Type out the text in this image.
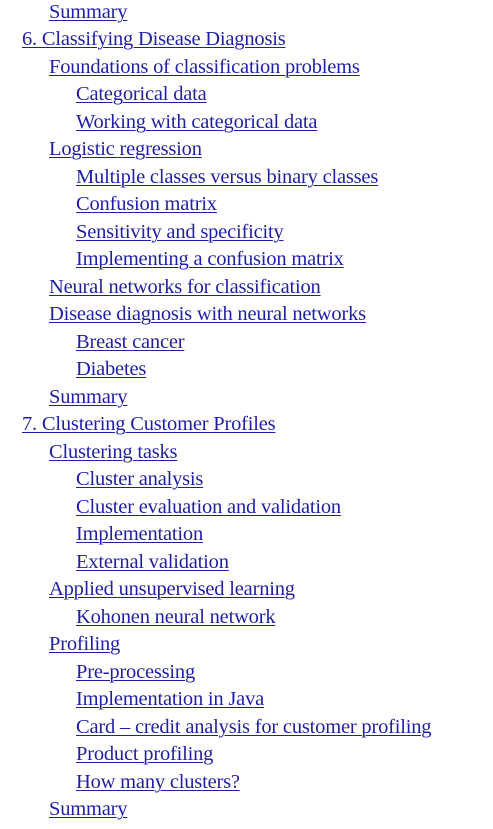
Summary
6. Classifying Disease Diagnosis
Foundations of classification problems
Categorical data
Working with categorical data
Logistic regression
Multiple classes versus binary classes
Confusion matrix
Sensitivity and specificity
Implementing a confusion matrix
Neural networks for classification
Disease diagnosis with neural networks
Breast cancer
Diabetes
Summary
7. Clustering Customer Profiles
Clustering tasks
Cluster analysis
Cluster evaluation and validation
Implementation
External validation
Applied unsupervised learning
Kohonen neural network
Profiling
Pre-processing
Implementation in Java
Card – credit analysis for customer profiling
Product profiling
How many clusters?
Summary
